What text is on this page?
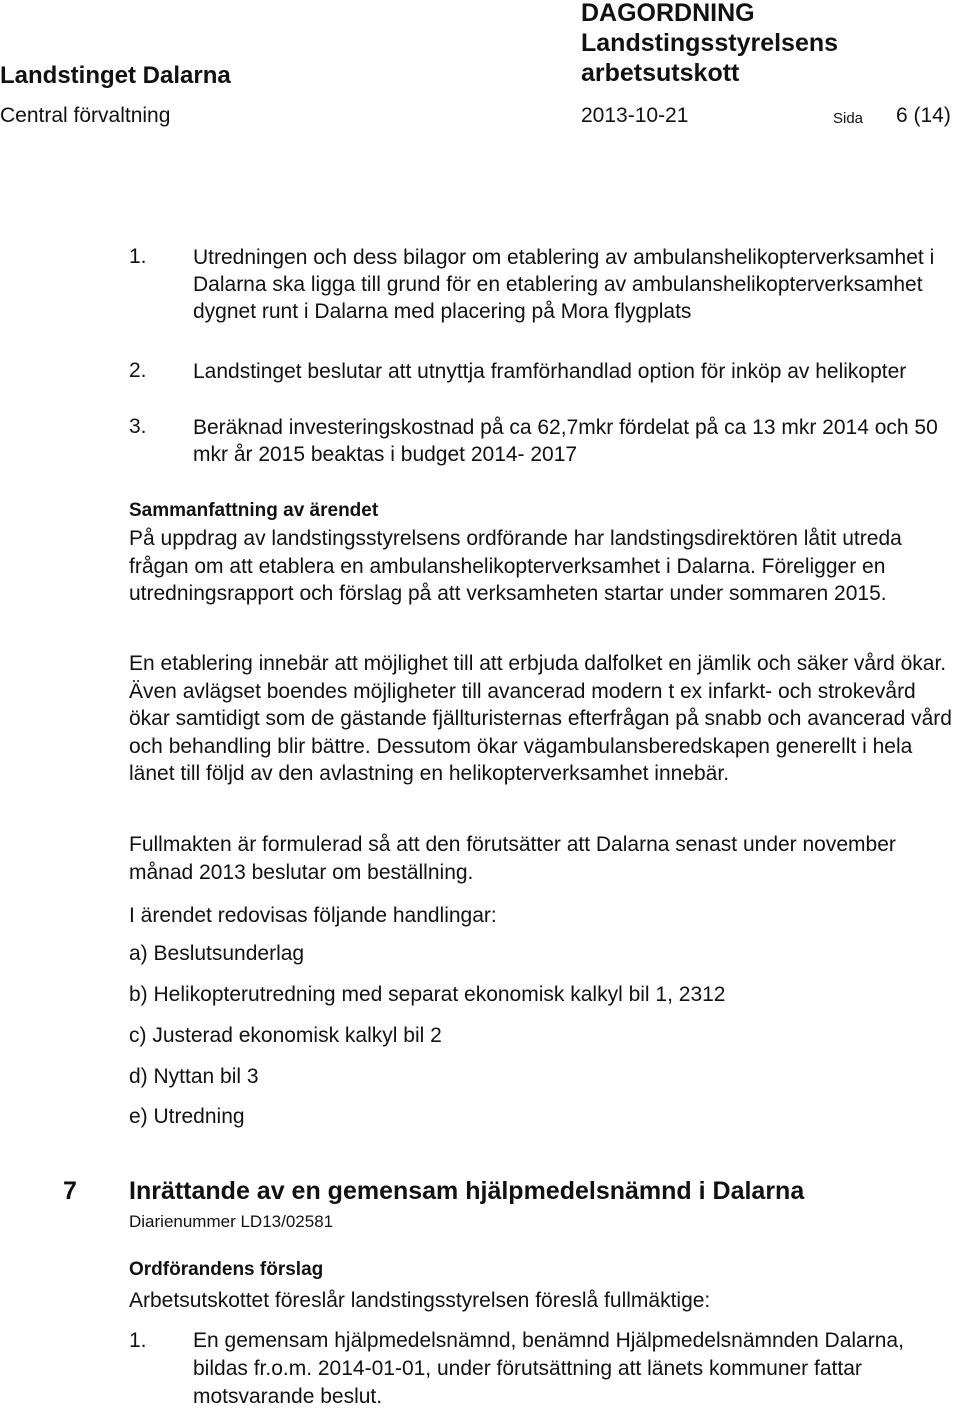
DAGORDNING
Landstingsstyrelsens
arbetsutskott
Landstinget Dalarna
Central förvaltning	2013-10-21	Sida 6 (14)
1. Utredningen och dess bilagor om etablering av ambulanshelikopterverksamhet i Dalarna ska ligga till grund för en etablering av ambulanshelikopterverksamhet dygnet runt i Dalarna med placering på Mora flygplats
2. Landstinget beslutar att utnyttja framförhandlad option för inköp av helikopter
3. Beräknad investeringskostnad på ca 62,7mkr fördelat på ca 13 mkr 2014 och 50 mkr år 2015 beaktas i budget 2014- 2017
Sammanfattning av ärendet
På uppdrag av landstingsstyrelsens ordförande har landstingsdirektören låtit utreda frågan om att etablera en ambulanshelikopterverksamhet i Dalarna. Föreligger en utredningsrapport och förslag på att verksamheten startar under sommaren 2015.
En etablering innebär att möjlighet till att erbjuda dalfolket en jämlik och säker vård ökar. Även avlägset boendes möjligheter till avancerad modern t ex infarkt- och strokevård ökar samtidigt som de gästande fjällturisternas efterfrågan på snabb och avancerad vård och behandling blir bättre. Dessutom ökar vägambulansberedskapen generellt i hela länet till följd av den avlastning en helikopterverksamhet innebär.
Fullmakten är formulerad så att den förutsätter att Dalarna senast under november månad 2013 beslutar om beställning.
I ärendet redovisas följande handlingar:
a) Beslutsunderlag
b) Helikopterutredning med separat ekonomisk kalkyl bil 1, 2312
c) Justerad ekonomisk kalkyl bil 2
d) Nyttan bil 3
e) Utredning
7 Inrättande av en gemensam hjälpmedelsnämnd i Dalarna
Diarienummer LD13/02581
Ordförandens förslag
Arbetsutskottet föreslår landstingsstyrelsen föreslå fullmäktige:
1. En gemensam hjälpmedelsnämnd, benämnd Hjälpmedelsnämnden Dalarna, bildas fr.o.m. 2014-01-01, under förutsättning att länets kommuner fattar motsvarande beslut.
